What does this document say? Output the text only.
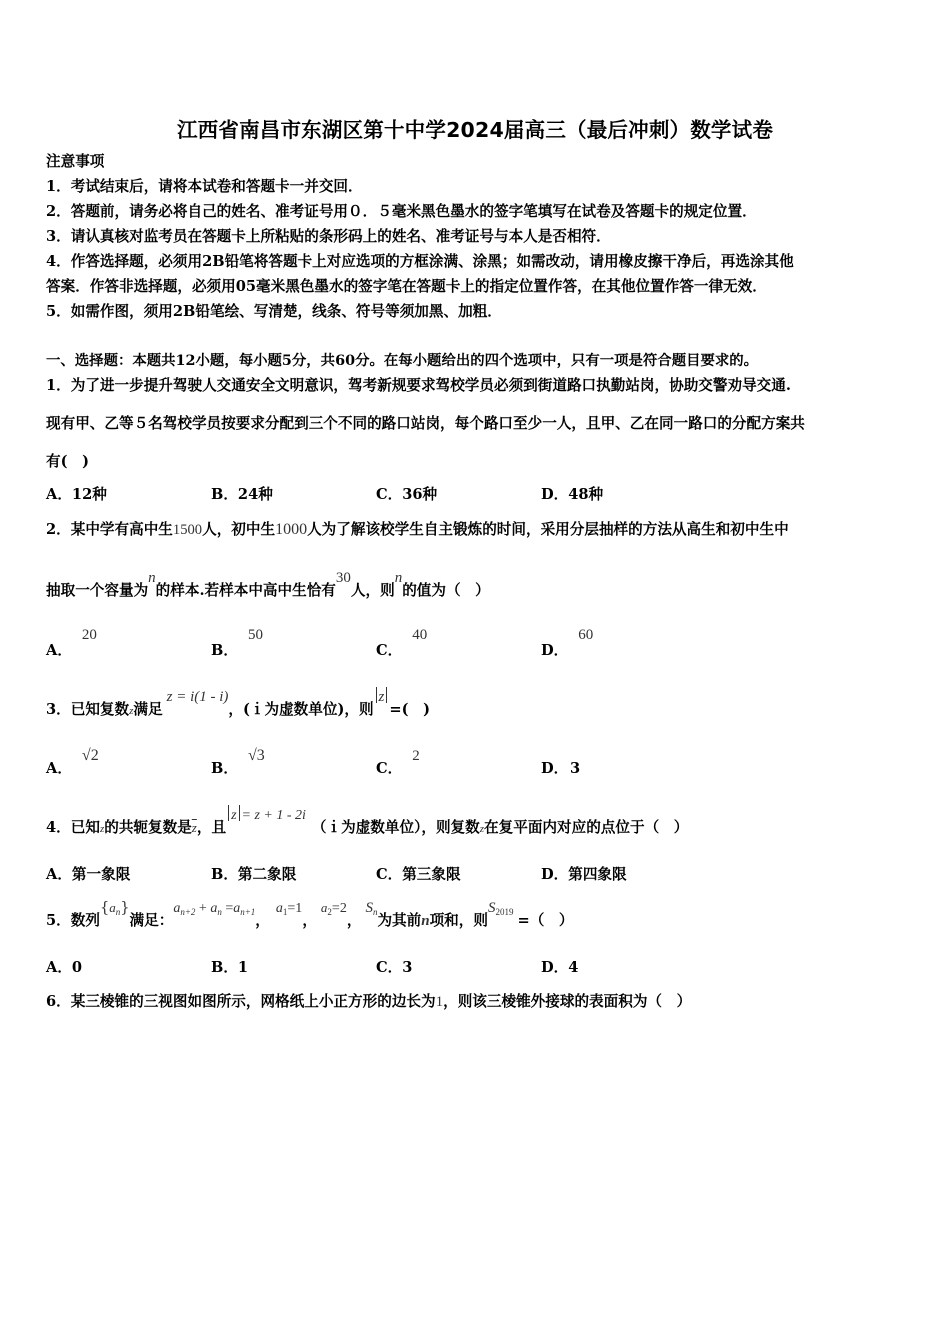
江西省南昌市东湖区第十中学2024届高三（最后冲刺）数学试卷
注意事项
1．考试结束后，请将本试卷和答题卡一并交回．
2．答题前，请务必将自己的姓名、准考证号用０．５毫米黑色墨水的签字笔填写在试卷及答题卡的规定位置．
3．请认真核对监考员在答题卡上所粘贴的条形码上的姓名、准考证号与本人是否相符．
4．作答选择题，必须用2B铅笔将答题卡上对应选项的方框涂满、涂黑；如需改动，请用橡皮擦干净后，再选涂其他
答案．作答非选择题，必须用05毫米黑色墨水的签字笔在答题卡上的指定位置作答，在其他位置作答一律无效．
5．如需作图，须用2B铅笔绘、写清楚，线条、符号等须加黑、加粗．
一、选择题：本题共12小题，每小题5分，共60分。在每小题给出的四个选项中，只有一项是符合题目要求的。
1．为了进一步提升驾驶人交通安全文明意识，驾考新规要求驾校学员必须到街道路口执勤站岗，协助交警劝导交通.
现有甲、乙等５名驾校学员按要求分配到三个不同的路口站岗，每个路口至少一人，且甲、乙在同一路口的分配方案共
有(　)
A．12种	B．24种	C．36种	D．48种
2．某中学有高中生1500人，初中生1000人为了解该校学生自主锻炼的时间，采用分层抽样的方法从高生和初中生中
抽取一个容量为n的样本.若样本中高中生恰有30人，则n的值为（　）
A．20
B．50
C．40
D．60
3．已知复数z满足z = i(1 - i)，(ｉ为虚数单位)，则z=(　)
A．√2
B．√3
C．2
D． 3
4．已知z的共轭复数是$\overline{z}$，且z = z + 1 - 2i（ｉ为虚数单位），则复数z在复平面内对应的点位于（　）
A．第一象限	B．第二象限	C．第三象限	D．第四象限
5．数列$\{a_n\}$满足：$a_{n+2} + a_n =a_{n+1}$，$a_1=1$，$a_2=2$，$S_n$为其前n项和，则$S_{2019}$ =（　）
A．0	B．1	C．3	D．4
6．某三棱锥的三视图如图所示，网格纸上小正方形的边长为1，则该三棱锥外接球的表面积为（　）
